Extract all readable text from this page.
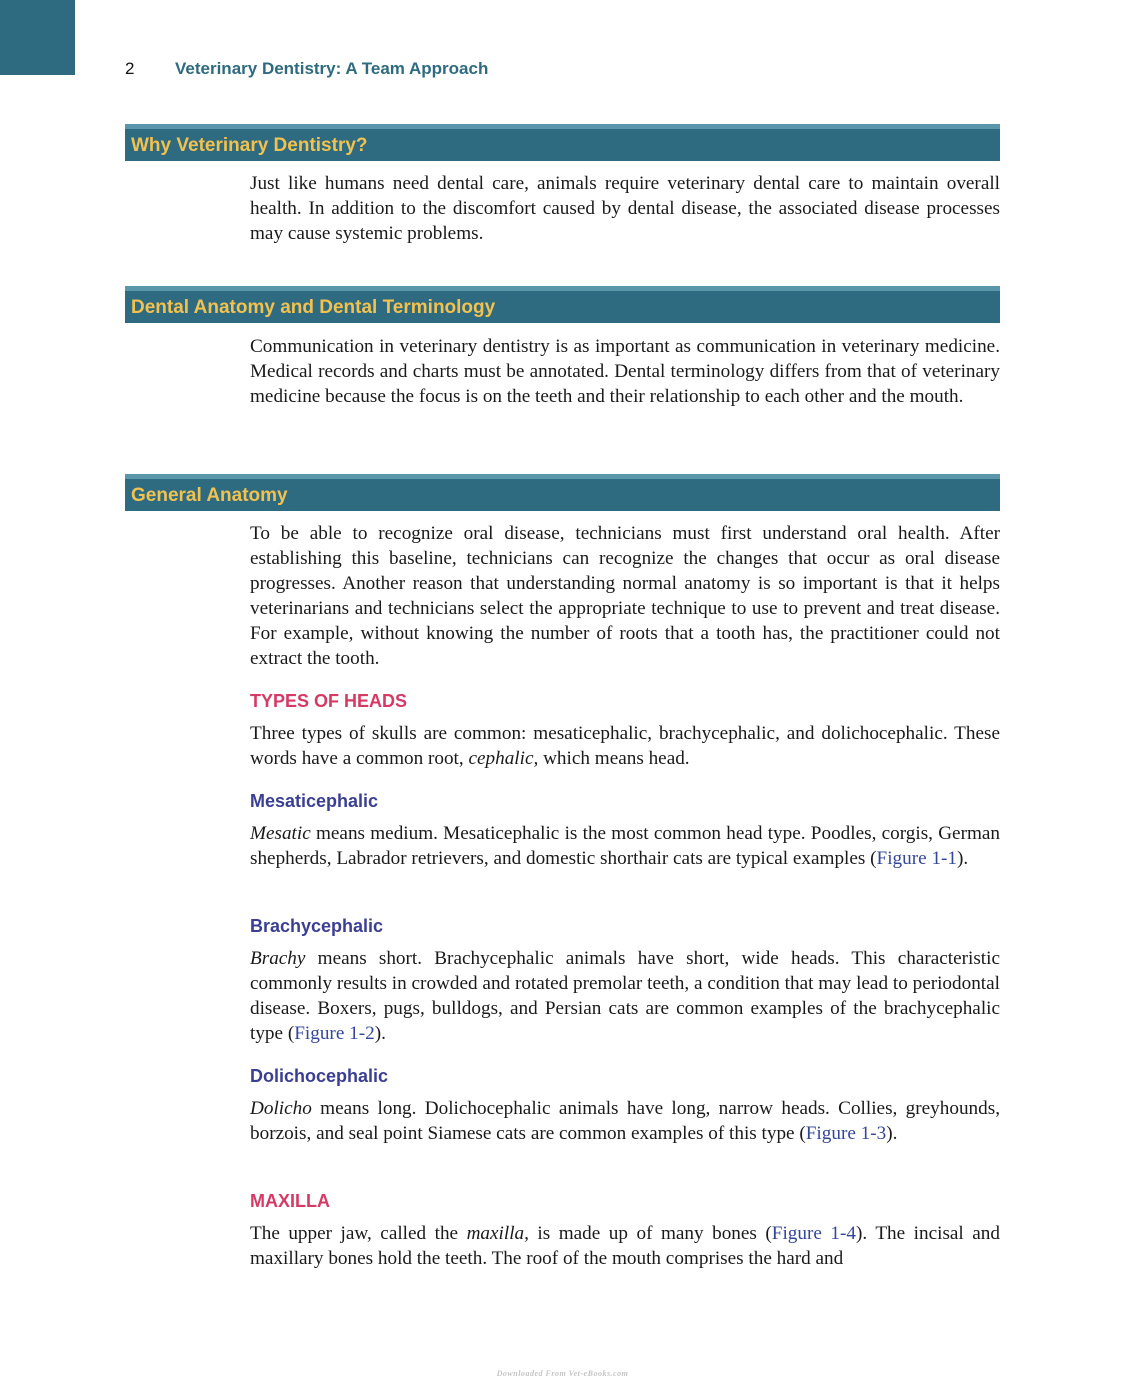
2 Veterinary Dentistry: A Team Approach
Why Veterinary Dentistry?

Just like humans need dental care, animals require veterinary dental care to maintain overall health. In addition to the discomfort caused by dental disease, the associated disease processes may cause systemic problems.

Dental Anatomy and Dental Terminology

Communication in veterinary dentistry is as important as communication in veterinary medicine. Medical records and charts must be annotated. Dental terminology differs from that of veterinary medicine because the focus is on the teeth and their relationship to each other and the mouth.

General Anatomy

To be able to recognize oral disease, technicians must first understand oral health. After establishing this baseline, technicians can recognize the changes that occur as oral disease progresses. Another reason that understanding normal anatomy is so important is that it helps veterinarians and technicians select the appropriate technique to use to prevent and treat disease. For example, without knowing the number of roots that a tooth has, the practitioner could not extract the tooth.

TYPES OF HEADS

Three types of skulls are common: mesaticephalic, brachycephalic, and dolichocephalic. These words have a common root, cephalic, which means head.

Mesaticephalic

Mesatic means medium. Mesaticephalic is the most common head type. Poodles, corgis, German shepherds, Labrador retrievers, and domestic shorthair cats are typical examples (Figure 1-1).

Brachycephalic

Brachy means short. Brachycephalic animals have short, wide heads. This characteristic commonly results in crowded and rotated premolar teeth, a condition that may lead to periodontal disease. Boxers, pugs, bulldogs, and Persian cats are common examples of the brachycephalic type (Figure 1-2).

Dolichocephalic

Dolicho means long. Dolichocephalic animals have long, narrow heads. Collies, greyhounds, borzois, and seal point Siamese cats are common examples of this type (Figure 1-3).

MAXILLA

The upper jaw, called the maxilla, is made up of many bones (Figure 1-4). The incisal and maxillary bones hold the teeth. The roof of the mouth comprises the hard and

Downloaded From Vet-eBooks.com
